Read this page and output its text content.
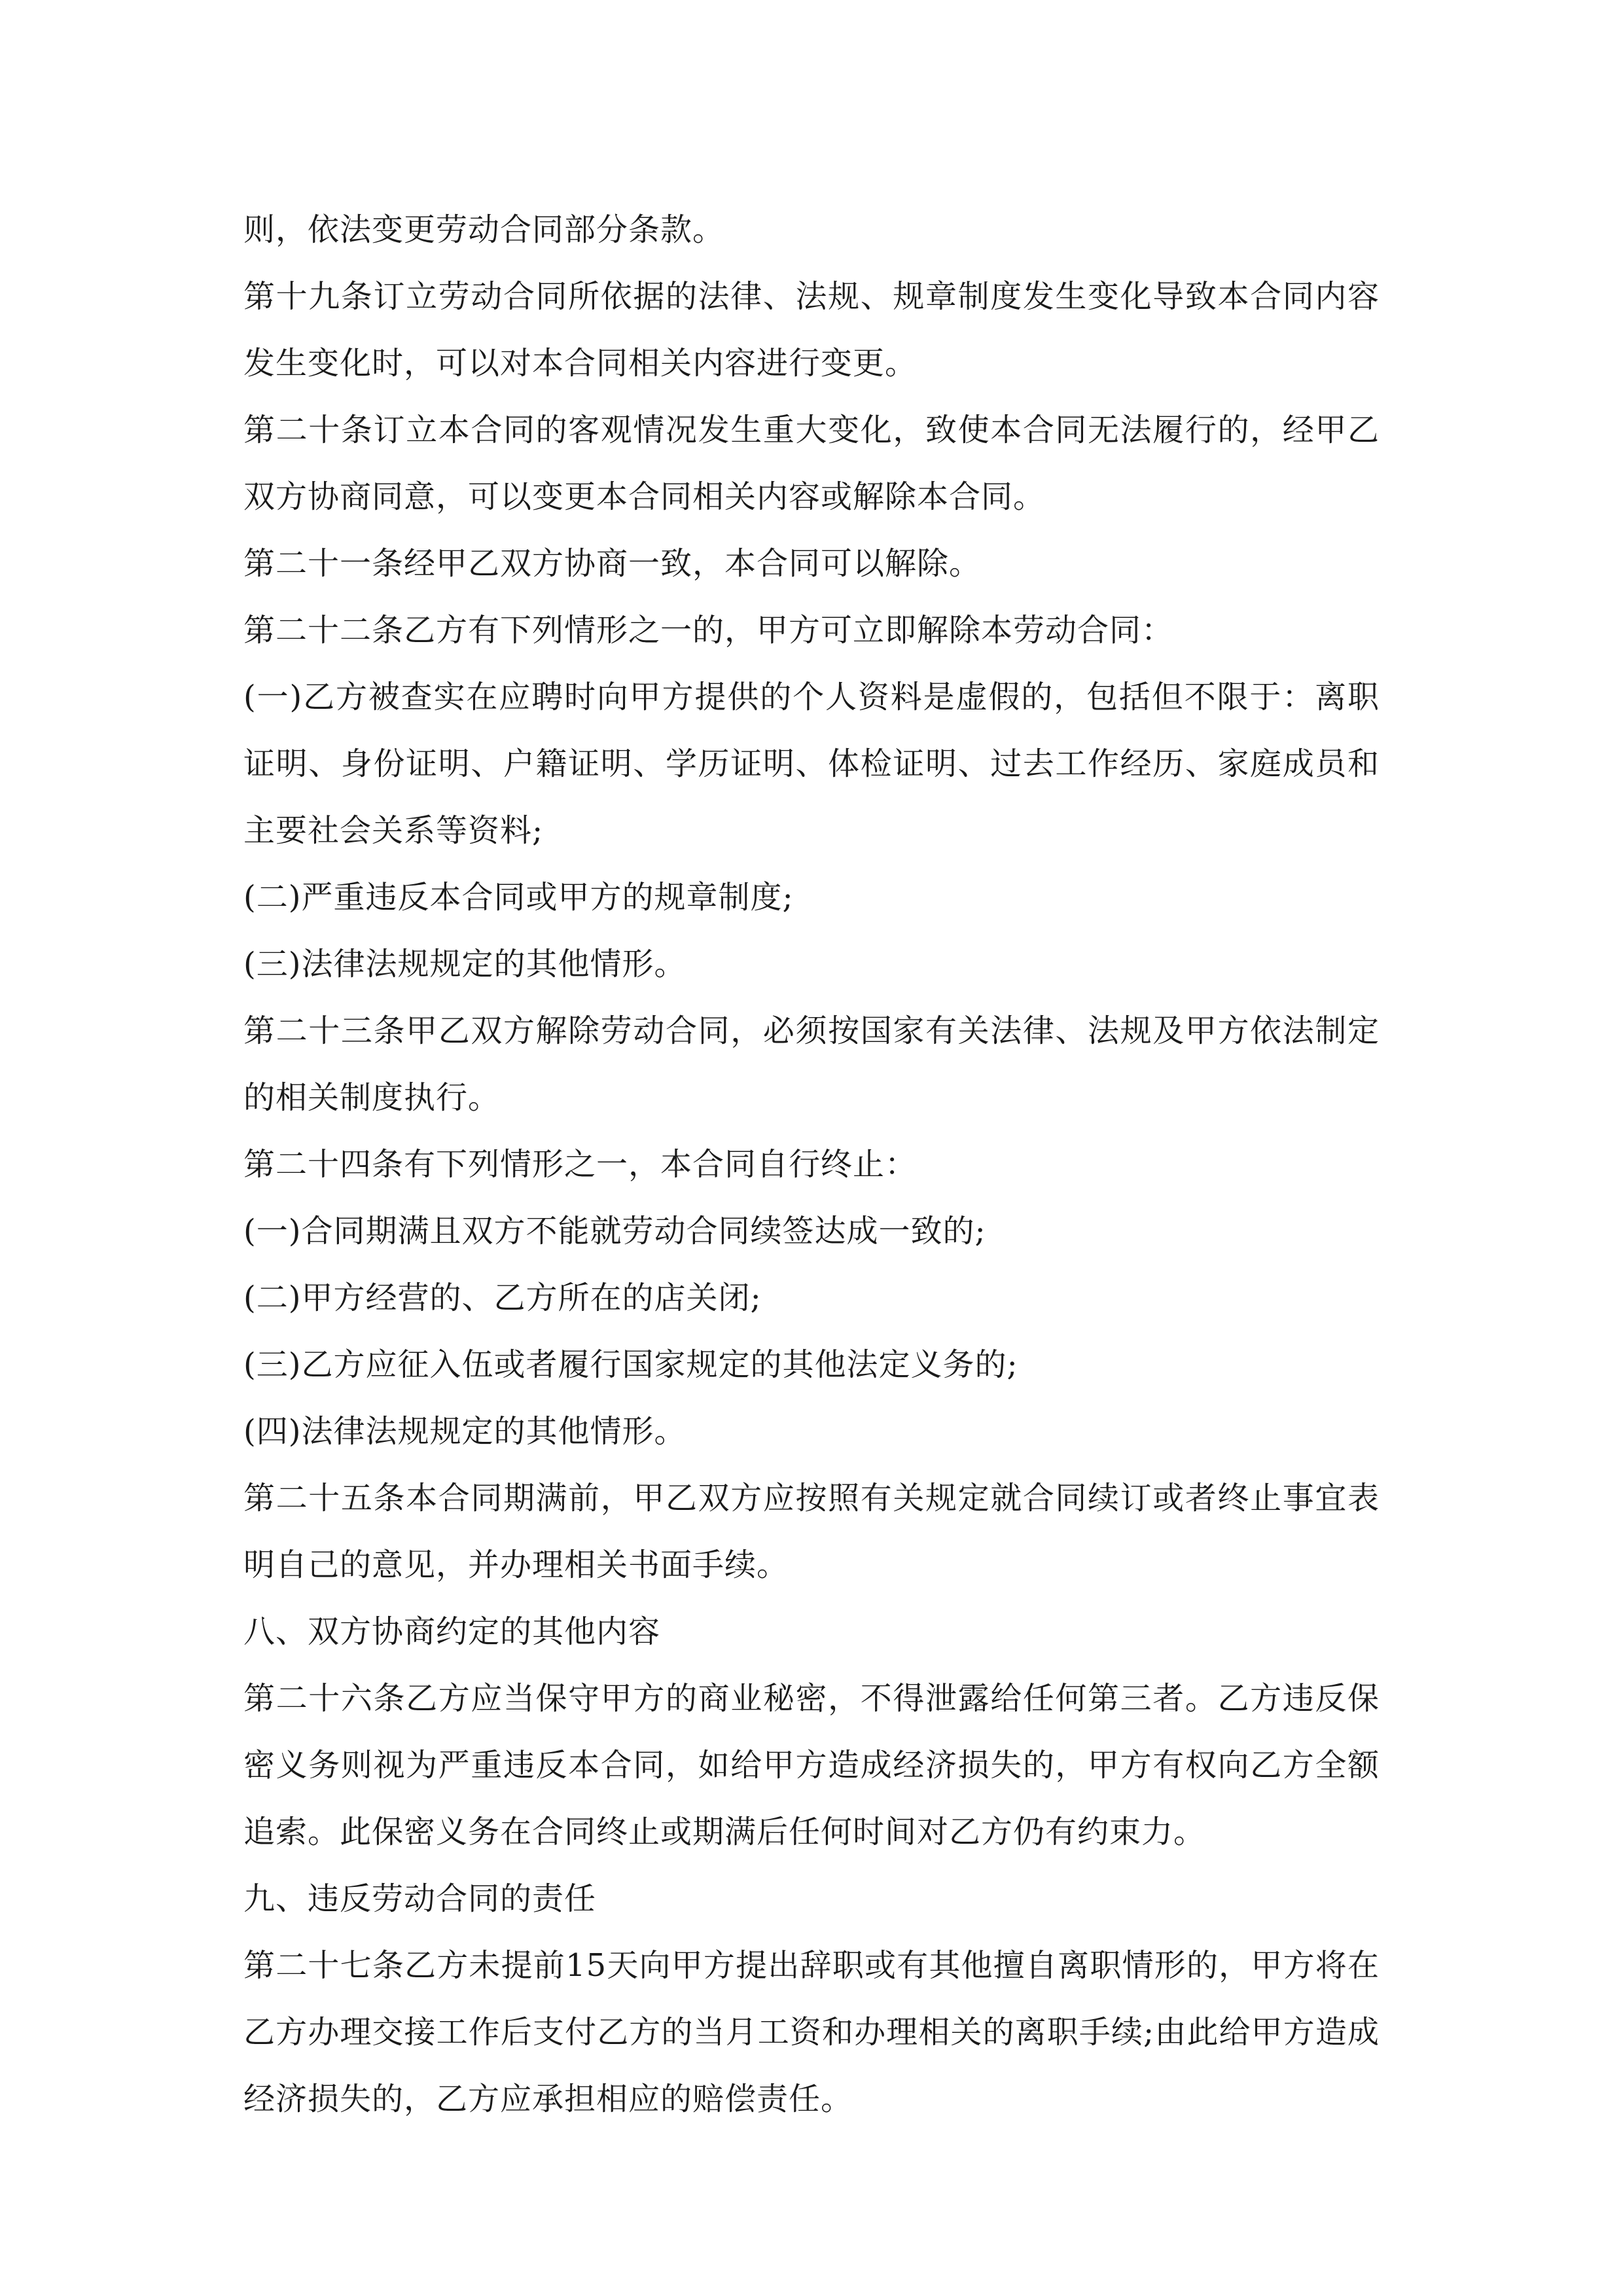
则，依法变更劳动合同部分条款。

第十九条订立劳动合同所依据的法律、法规、规章制度发生变化导致本合同内容发生变化时，可以对本合同相关内容进行变更。

第二十条订立本合同的客观情况发生重大变化，致使本合同无法履行的，经甲乙双方协商同意，可以变更本合同相关内容或解除本合同。

第二十一条经甲乙双方协商一致，本合同可以解除。

第二十二条乙方有下列情形之一的，甲方可立即解除本劳动合同：

(一)乙方被查实在应聘时向甲方提供的个人资料是虚假的，包括但不限于：离职证明、身份证明、户籍证明、学历证明、体检证明、过去工作经历、家庭成员和主要社会关系等资料;

(二)严重违反本合同或甲方的规章制度;

(三)法律法规规定的其他情形。

第二十三条甲乙双方解除劳动合同，必须按国家有关法律、法规及甲方依法制定的相关制度执行。

第二十四条有下列情形之一，本合同自行终止：

(一)合同期满且双方不能就劳动合同续签达成一致的;

(二)甲方经营的、乙方所在的店关闭;

(三)乙方应征入伍或者履行国家规定的其他法定义务的;

(四)法律法规规定的其他情形。

第二十五条本合同期满前，甲乙双方应按照有关规定就合同续订或者终止事宜表明自己的意见，并办理相关书面手续。

八、双方协商约定的其他内容

第二十六条乙方应当保守甲方的商业秘密，不得泄露给任何第三者。乙方违反保密义务则视为严重违反本合同，如给甲方造成经济损失的，甲方有权向乙方全额追索。此保密义务在合同终止或期满后任何时间对乙方仍有约束力。

九、违反劳动合同的责任

第二十七条乙方未提前15天向甲方提出辞职或有其他擅自离职情形的，甲方将在乙方办理交接工作后支付乙方的当月工资和办理相关的离职手续;由此给甲方造成经济损失的，乙方应承担相应的赔偿责任。
